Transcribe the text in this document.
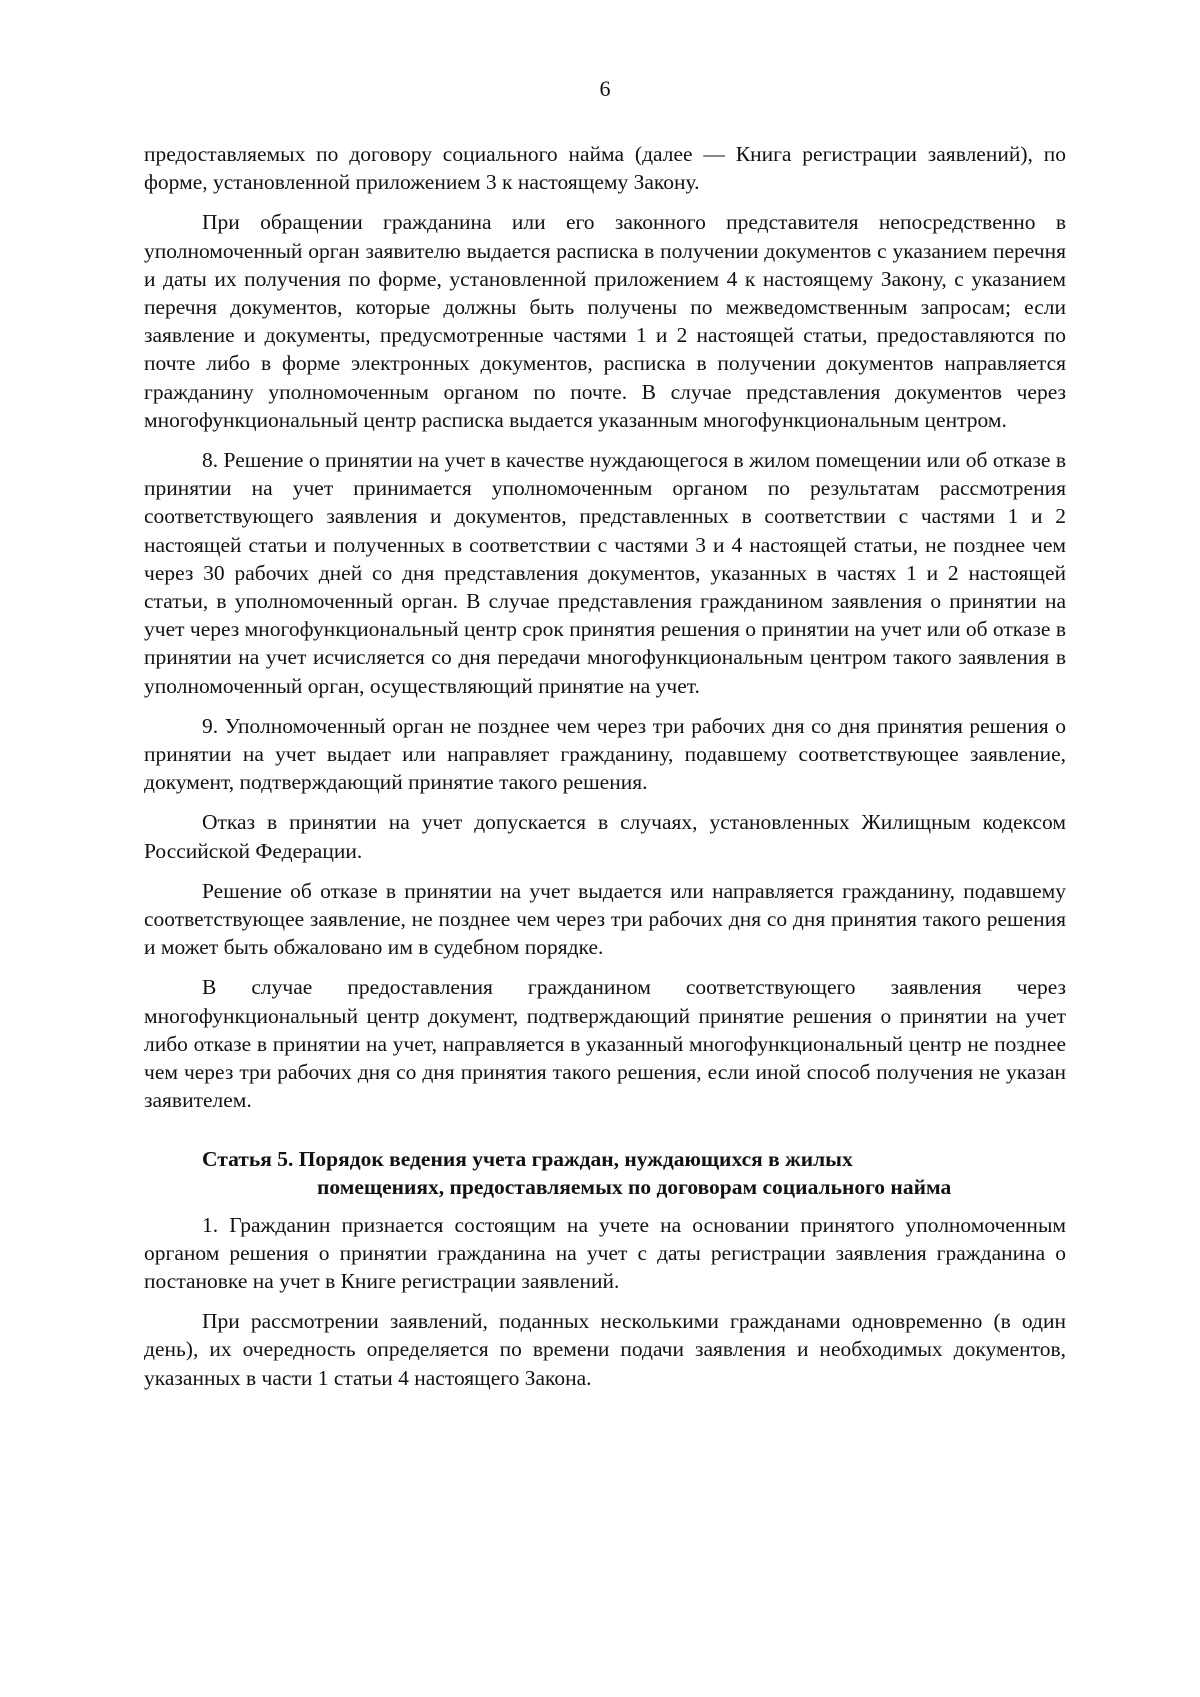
6

предоставляемых по договору социального найма (далее — Книга регистрации заявлений), по форме, установленной приложением 3 к настоящему Закону.

При обращении гражданина или его законного представителя непосредственно в уполномоченный орган заявителю выдается расписка в получении документов с указанием перечня и даты их получения по форме, установленной приложением 4 к настоящему Закону, с указанием перечня документов, которые должны быть получены по межведомственным запросам; если заявление и документы, предусмотренные частями 1 и 2 настоящей статьи, предоставляются по почте либо в форме электронных документов, расписка в получении документов направляется гражданину уполномоченным органом по почте. В случае представления документов через многофункциональный центр расписка выдается указанным многофункциональным центром.

8. Решение о принятии на учет в качестве нуждающегося в жилом помещении или об отказе в принятии на учет принимается уполномоченным органом по результатам рассмотрения соответствующего заявления и документов, представленных в соответствии с частями 1 и 2 настоящей статьи и полученных в соответствии с частями 3 и 4 настоящей статьи, не позднее чем через 30 рабочих дней со дня представления документов, указанных в частях 1 и 2 настоящей статьи, в уполномоченный орган. В случае представления гражданином заявления о принятии на учет через многофункциональный центр срок принятия решения о принятии на учет или об отказе в принятии на учет исчисляется со дня передачи многофункциональным центром такого заявления в уполномоченный орган, осуществляющий принятие на учет.

9. Уполномоченный орган не позднее чем через три рабочих дня со дня принятия решения о принятии на учет выдает или направляет гражданину, подавшему соответствующее заявление, документ, подтверждающий принятие такого решения.

Отказ в принятии на учет допускается в случаях, установленных Жилищным кодексом Российской Федерации.

Решение об отказе в принятии на учет выдается или направляется гражданину, подавшему соответствующее заявление, не позднее чем через три рабочих дня со дня принятия такого решения и может быть обжаловано им в судебном порядке.

В случае предоставления гражданином соответствующего заявления через многофункциональный центр документ, подтверждающий принятие решения о принятии на учет либо отказе в принятии на учет, направляется в указанный многофункциональный центр не позднее чем через три рабочих дня со дня принятия такого решения, если иной способ получения не указан заявителем.

Статья 5. Порядок ведения учета граждан, нуждающихся в жилых
помещениях, предоставляемых по договорам социального найма

1. Гражданин признается состоящим на учете на основании принятого уполномоченным органом решения о принятии гражданина на учет с даты регистрации заявления гражданина о постановке на учет в Книге регистрации заявлений.

При рассмотрении заявлений, поданных несколькими гражданами одновременно (в один день), их очередность определяется по времени подачи заявления и необходимых документов, указанных в части 1 статьи 4 настоящего Закона.
